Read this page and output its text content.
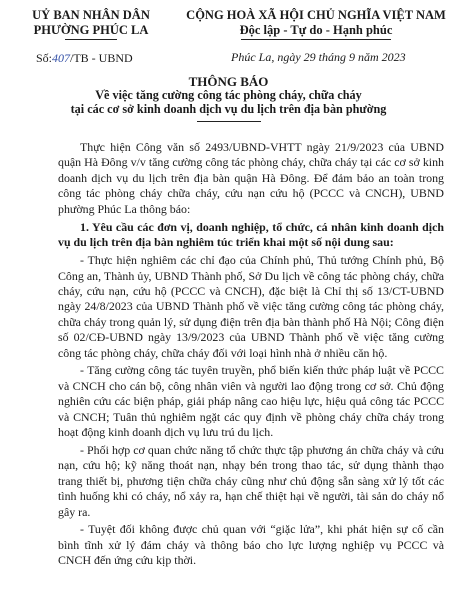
UỶ BAN NHÂN DÂN
PHƯỜNG PHÚC LA
CỘNG HOÀ XÃ HỘI CHỦ NGHĨA VIỆT NAM
Độc lập - Tự do - Hạnh phúc
Số:407/TB - UBND	Phúc La, ngày 29 tháng 9 năm 2023
THÔNG BÁO
Về việc tăng cường công tác phòng cháy, chữa cháy
tại các cơ sở kinh doanh dịch vụ du lịch trên địa bàn phường

Thực hiện Công văn số 2493/UBND-VHTT ngày 21/9/2023 của UBND quận Hà Đông v/v tăng cường công tác phòng cháy, chữa cháy tại các cơ sở kinh doanh dịch vụ du lịch trên địa bàn quận Hà Đông. Để đảm bảo an toàn trong công tác phòng cháy chữa cháy, cứu nạn cứu hộ (PCCC và CNCH), UBND phường Phúc La thông báo:

1. Yêu cầu các đơn vị, doanh nghiệp, tổ chức, cá nhân kinh doanh dịch vụ du lịch trên địa bàn nghiêm túc triển khai một số nội dung sau:

- Thực hiện nghiêm các chỉ đạo của Chính phủ, Thủ tướng Chính phủ, Bộ Công an, Thành ủy, UBND Thành phố, Sở Du lịch về công tác phòng cháy, chữa cháy, cứu nạn, cứu hộ (PCCC và CNCH), đặc biệt là Chỉ thị số 13/CT-UBND ngày 24/8/2023 của UBND Thành phố về việc tăng cường công tác phòng cháy, chữa cháy trong quản lý, sử dụng điện trên địa bàn thành phố Hà Nội; Công điện số 02/CĐ-UBND ngày 13/9/2023 của UBND Thành phố về việc tăng cường công tác phòng cháy, chữa cháy đối với loại hình nhà ở nhiều căn hộ.

- Tăng cường công tác tuyên truyền, phổ biến kiến thức pháp luật về PCCC và CNCH cho cán bộ, công nhân viên và người lao động trong cơ sở. Chủ động nghiên cứu các biện pháp, giải pháp nâng cao hiệu lực, hiệu quả công tác PCCC và CNCH; Tuân thủ nghiêm ngặt các quy định về phòng cháy chữa cháy trong hoạt động kinh doanh dịch vụ lưu trú du lịch.

- Phối hợp cơ quan chức năng tổ chức thực tập phương án chữa cháy và cứu nạn, cứu hộ; kỹ năng thoát nạn, nhạy bén trong thao tác, sử dụng thành thạo trang thiết bị, phương tiện chữa cháy cũng như chủ động sẵn sàng xử lý tốt các tình huống khi có cháy, nổ xảy ra, hạn chế thiệt hại về người, tài sản do cháy nổ gây ra.

- Tuyệt đối không được chủ quan với “giặc lửa”, khi phát hiện sự cố cần bình tĩnh xử lý đám cháy và thông báo cho lực lượng nghiệp vụ PCCC và CNCH đến ứng cứu kịp thời.
